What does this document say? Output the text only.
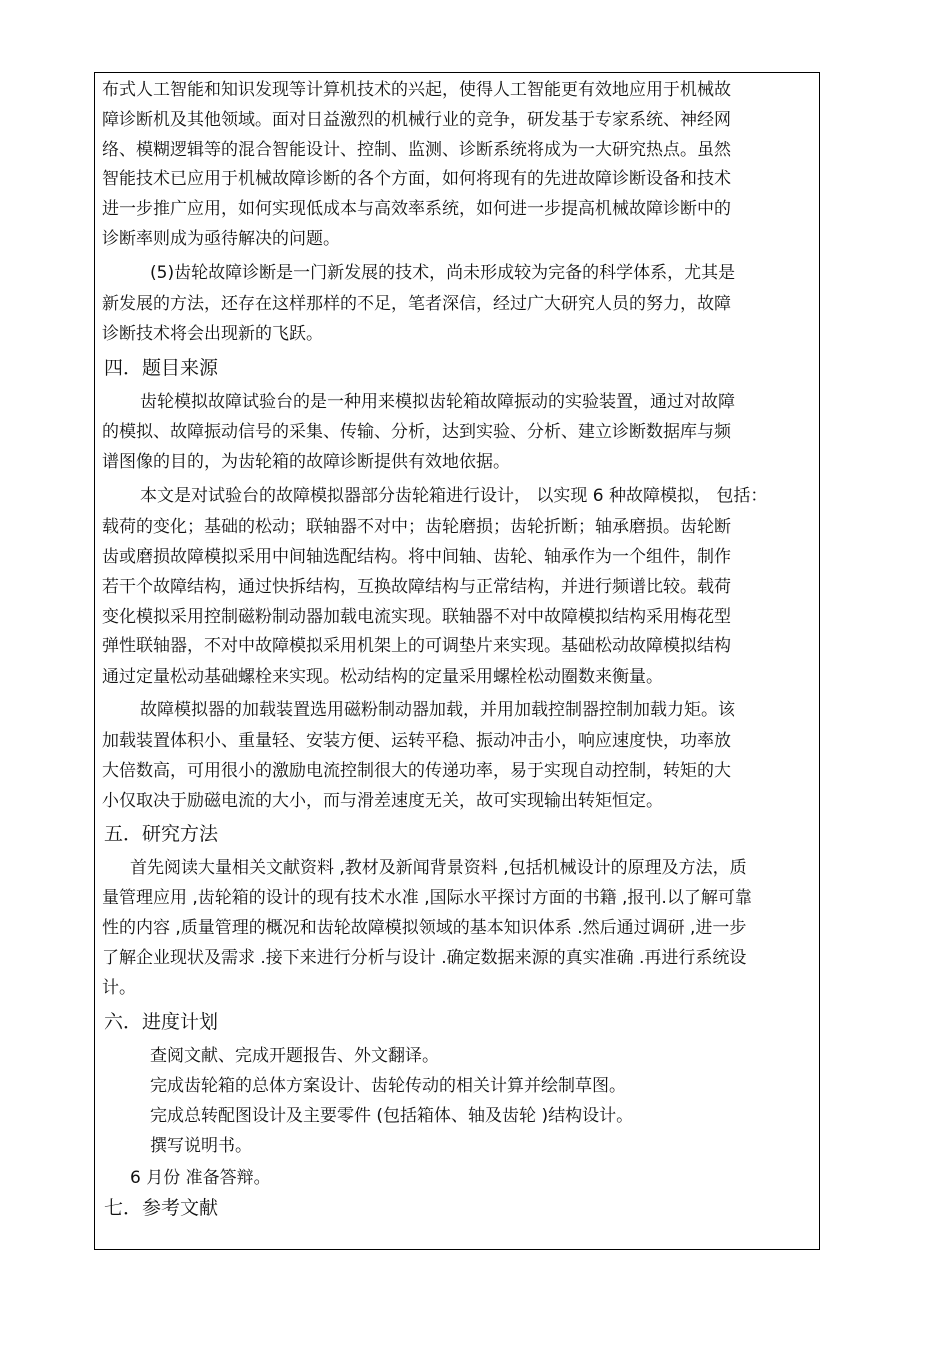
布式人工智能和知识发现等计算机技术的兴起，使得人工智能更有效地应用于机械故
障诊断机及其他领域。面对日益激烈的机械行业的竞争，研发基于专家系统、神经网
络、模糊逻辑等的混合智能设计、控制、监测、诊断系统将成为一大研究热点。虽然
智能技术已应用于机械故障诊断的各个方面，如何将现有的先进故障诊断设备和技术
进一步推广应用，如何实现低成本与高效率系统，如何进一步提高机械故障诊断中的
诊断率则成为亟待解决的问题。
(5)齿轮故障诊断是一门新发展的技术，尚未形成较为完备的科学体系，尤其是
新发展的方法，还存在这样那样的不足，笔者深信，经过广大研究人员的努力，故障
诊断技术将会出现新的飞跃。
四．题目来源
齿轮模拟故障试验台的是一种用来模拟齿轮箱故障振动的实验装置，通过对故障
的模拟、故障振动信号的采集、传输、分析，达到实验、分析、建立诊断数据库与频
谱图像的目的，为齿轮箱的故障诊断提供有效地依据。
本文是对试验台的故障模拟器部分齿轮箱进行设计， 以实现 6 种故障模拟， 包括：
载荷的变化；基础的松动；联轴器不对中；齿轮磨损；齿轮折断；轴承磨损。齿轮断
齿或磨损故障模拟采用中间轴选配结构。将中间轴、齿轮、轴承作为一个组件，制作
若干个故障结构，通过快拆结构，互换故障结构与正常结构，并进行频谱比较。载荷
变化模拟采用控制磁粉制动器加载电流实现。联轴器不对中故障模拟结构采用梅花型
弹性联轴器，不对中故障模拟采用机架上的可调垫片来实现。基础松动故障模拟结构
通过定量松动基础螺栓来实现。松动结构的定量采用螺栓松动圈数来衡量。
故障模拟器的加载装置选用磁粉制动器加载，并用加载控制器控制加载力矩。该
加载装置体积小、重量轻、安装方便、运转平稳、振动冲击小，响应速度快，功率放
大倍数高，可用很小的激励电流控制很大的传递功率，易于实现自动控制，转矩的大
小仅取决于励磁电流的大小，而与滑差速度无关，故可实现输出转矩恒定。
五．研究方法
首先阅读大量相关文献资料 ,教材及新闻背景资料 ,包括机械设计的原理及方法，质
量管理应用 ,齿轮箱的设计的现有技术水准 ,国际水平探讨方面的书籍 ,报刊.以了解可靠
性的内容 ,质量管理的概况和齿轮故障模拟领域的基本知识体系 .然后通过调研 ,进一步
了解企业现状及需求 .接下来进行分析与设计 .确定数据来源的真实准确 .再进行系统设
计。
六．进度计划
查阅文献、完成开题报告、外文翻译。
完成齿轮箱的总体方案设计、齿轮传动的相关计算并绘制草图。
完成总转配图设计及主要零件 (包括箱体、轴及齿轮 )结构设计。
撰写说明书。
6 月份 准备答辩。
七．参考文献
